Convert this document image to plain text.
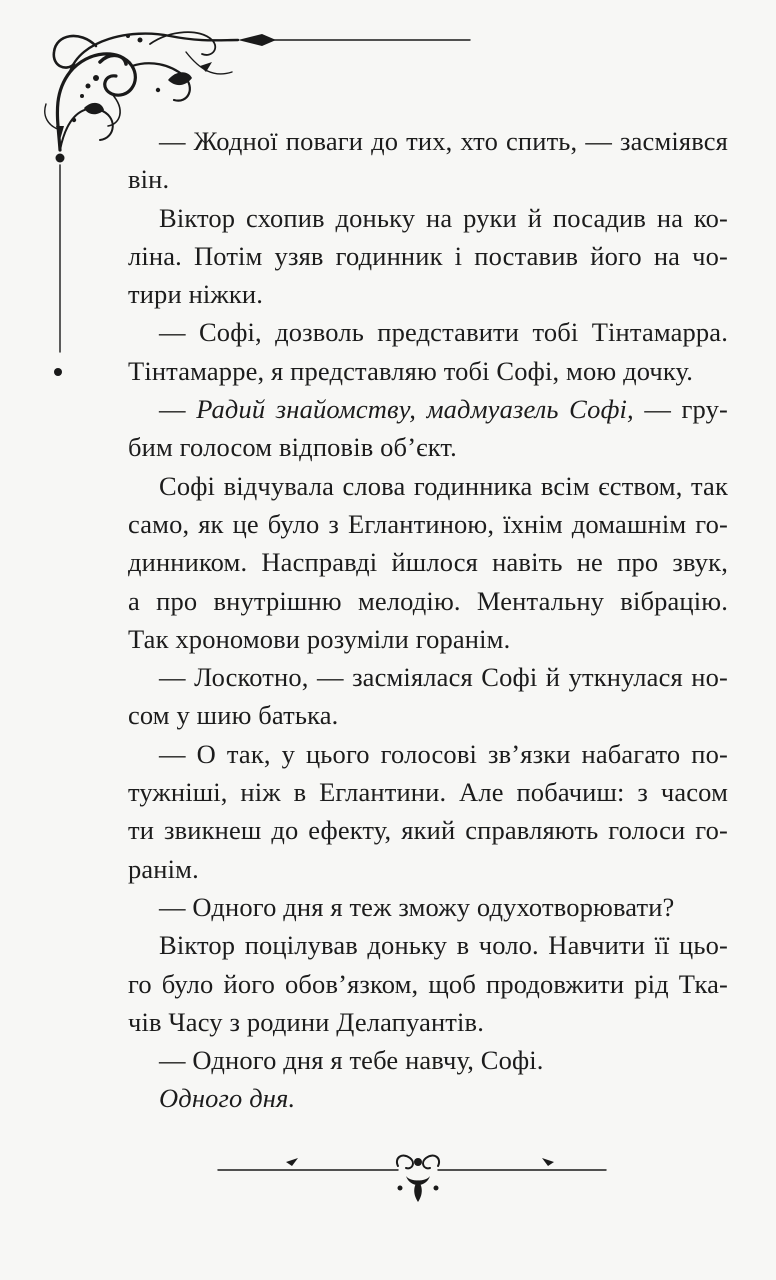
— Жодної поваги до тих, хто спить, — засміявся
він.
Віктор схопив доньку на руки й посадив на ко-
ліна. Потім узяв годинник і поставив його на чо-
тири ніжки.
— Софі, дозволь представити тобі Тінтамарра.
Тінтамарре, я представляю тобі Софі, мою дочку.
— Радий знайомству, мадмуазель Софі, — гру-
бим голосом відповів об’єкт.
Софі відчувала слова годинника всім єством, так
само, як це було з Еглантиною, їхнім домашнім го-
динником. Насправді йшлося навіть не про звук,
а про внутрішню мелодію. Ментальну вібрацію.
Так хрономови розуміли горанім.
— Лоскотно, — засміялася Софі й уткнулася но-
сом у шию батька.
— О так, у цього голосові зв’язки набагато по-
тужніші, ніж в Еглантини. Але побачиш: з часом
ти звикнеш до ефекту, який справляють голоси го-
ранім.
— Одного дня я теж зможу одухотворювати?
Віктор поцілував доньку в чоло. Навчити її цьо-
го було його обов’язком, щоб продовжити рід Тка-
чів Часу з родини Делапуантів.
— Одного дня я тебе навчу, Софі.
Одного дня.
